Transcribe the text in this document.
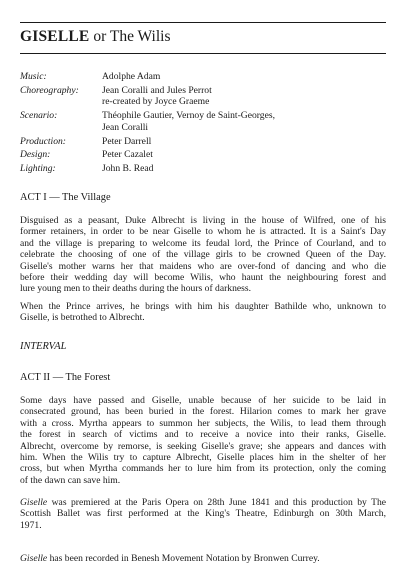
GISELLE or The Wilis
Music:	Adolphe Adam
Choreography:	Jean Coralli and Jules Perrot
re-created by Joyce Graeme
Scenario:	Théophile Gautier, Vernoy de Saint-Georges,
Jean Coralli
Production:	Peter Darrell
Design:	Peter Cazalet
Lighting:	John B. Read
ACT I — The Village
Disguised as a peasant, Duke Albrecht is living in the house of Wilfred, one of his
former retainers, in order to be near Giselle to whom he is attracted. It is a Saint's Day
and the village is preparing to welcome its feudal lord, the Prince of Courland, and to
celebrate the choosing of one of the village girls to be crowned Queen of the Day.
Giselle's mother warns her that maidens who are over-fond of dancing and who die
before their wedding day will become Wilis, who haunt the neighbouring forest and
lure young men to their deaths during the hours of darkness.
When the Prince arrives, he brings with him his daughter Bathilde who, unknown to
Giselle, is betrothed to Albrecht.
INTERVAL
ACT II — The Forest
Some days have passed and Giselle, unable because of her suicide to be laid in
consecrated ground, has been buried in the forest. Hilarion comes to mark her grave
with a cross. Myrtha appears to summon her subjects, the Wilis, to lead them through
the forest in search of victims and to receive a novice into their ranks, Giselle.
Albrecht, overcome by remorse, is seeking Giselle's grave; she appears and dances with
him. When the Wilis try to capture Albrecht, Giselle places him in the shelter of her
cross, but when Myrtha commands her to lure him from its protection, only the coming
of the dawn can save him.
Giselle was premiered at the Paris Opera on 28th June 1841 and this production by The
Scottish Ballet was first performed at the King's Theatre, Edinburgh on 30th March,
1971.
Giselle has been recorded in Benesh Movement Notation by Bronwen Currey.
